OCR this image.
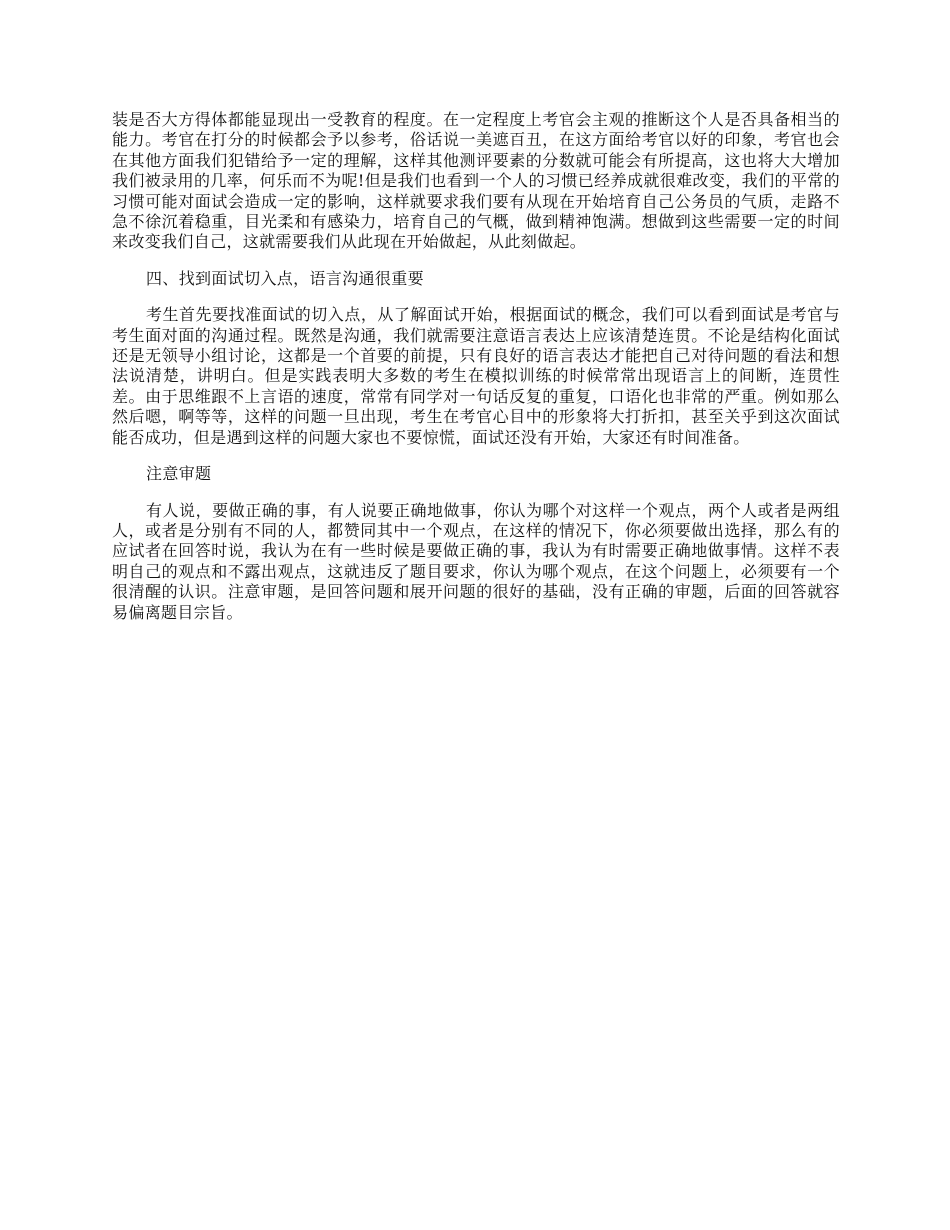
装是否大方得体都能显现出一受教育的程度。在一定程度上考官会主观的推断这个人是否具备相当的能力。考官在打分的时候都会予以参考，俗话说一美遮百丑，在这方面给考官以好的印象，考官也会在其他方面我们犯错给予一定的理解，这样其他测评要素的分数就可能会有所提高，这也将大大增加我们被录用的几率，何乐而不为呢!但是我们也看到一个人的习惯已经养成就很难改变，我们的平常的习惯可能对面试会造成一定的影响，这样就要求我们要有从现在开始培育自己公务员的气质，走路不急不徐沉着稳重，目光柔和有感染力，培育自己的气概，做到精神饱满。想做到这些需要一定的时间来改变我们自己，这就需要我们从此现在开始做起，从此刻做起。

四、找到面试切入点，语言沟通很重要

考生首先要找准面试的切入点，从了解面试开始，根据面试的概念，我们可以看到面试是考官与考生面对面的沟通过程。既然是沟通，我们就需要注意语言表达上应该清楚连贯。不论是结构化面试还是无领导小组讨论，这都是一个首要的前提，只有良好的语言表达才能把自己对待问题的看法和想法说清楚，讲明白。但是实践表明大多数的考生在模拟训练的时候常常出现语言上的间断，连贯性差。由于思维跟不上言语的速度，常常有同学对一句话反复的重复，口语化也非常的严重。例如那么然后嗯，啊等等，这样的问题一旦出现，考生在考官心目中的形象将大打折扣，甚至关乎到这次面试能否成功，但是遇到这样的问题大家也不要惊慌，面试还没有开始，大家还有时间准备。

注意审题

有人说，要做正确的事，有人说要正确地做事，你认为哪个对这样一个观点，两个人或者是两组人，或者是分别有不同的人，都赞同其中一个观点，在这样的情况下，你必须要做出选择，那么有的应试者在回答时说，我认为在有一些时候是要做正确的事，我认为有时需要正确地做事情。这样不表明自己的观点和不露出观点，这就违反了题目要求，你认为哪个观点，在这个问题上，必须要有一个很清醒的认识。注意审题，是回答问题和展开问题的很好的基础，没有正确的审题，后面的回答就容易偏离题目宗旨。
